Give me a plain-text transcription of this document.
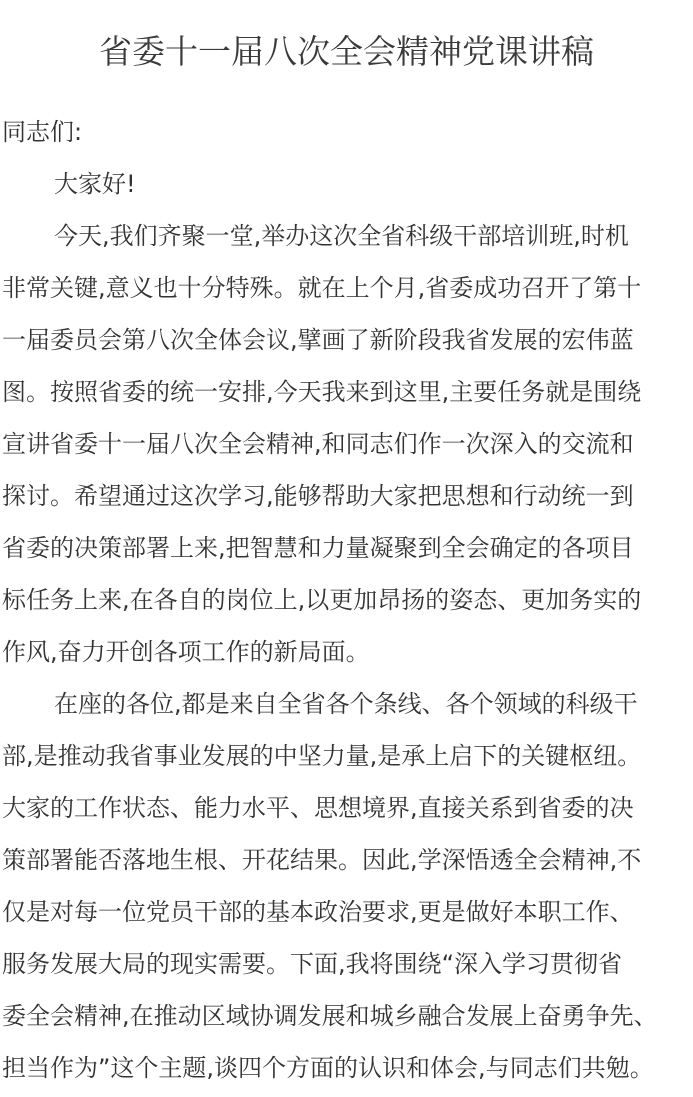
省委十一届八次全会精神党课讲稿
同志们:
大家好!
今天,我们齐聚一堂,举办这次全省科级干部培训班,时机
非常关键,意义也十分特殊。就在上个月,省委成功召开了第十
一届委员会第八次全体会议,擘画了新阶段我省发展的宏伟蓝
图。按照省委的统一安排,今天我来到这里,主要任务就是围绕
宣讲省委十一届八次全会精神,和同志们作一次深入的交流和
探讨。希望通过这次学习,能够帮助大家把思想和行动统一到
省委的决策部署上来,把智慧和力量凝聚到全会确定的各项目
标任务上来,在各自的岗位上,以更加昂扬的姿态、更加务实的
作风,奋力开创各项工作的新局面。
在座的各位,都是来自全省各个条线、各个领域的科级干
部,是推动我省事业发展的中坚力量,是承上启下的关键枢纽。
大家的工作状态、能力水平、思想境界,直接关系到省委的决
策部署能否落地生根、开花结果。因此,学深悟透全会精神,不
仅是对每一位党员干部的基本政治要求,更是做好本职工作、
服务发展大局的现实需要。下面,我将围绕“深入学习贯彻省
委全会精神,在推动区域协调发展和城乡融合发展上奋勇争先、
担当作为”这个主题,谈四个方面的认识和体会,与同志们共勉。
